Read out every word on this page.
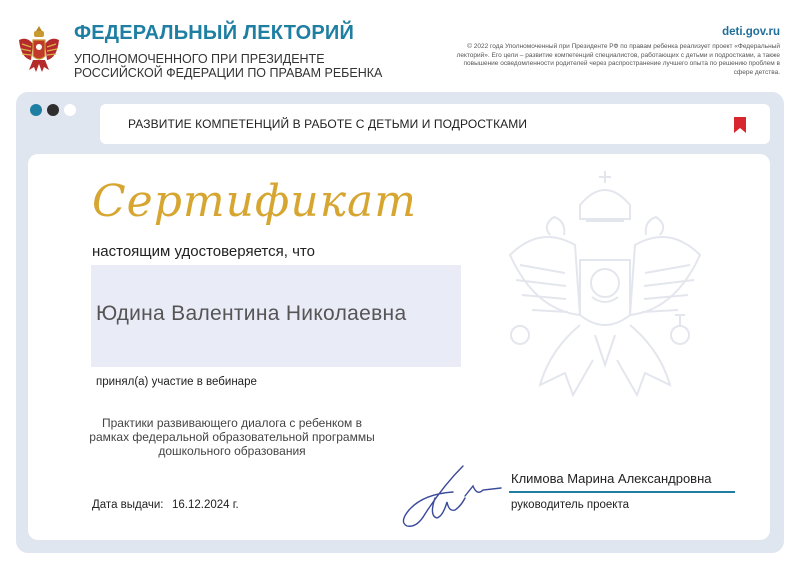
ФЕДЕРАЛЬНЫЙ ЛЕКТОРИЙ
УПОЛНОМОЧЕННОГО ПРИ ПРЕЗИДЕНТЕ
РОССИЙСКОЙ ФЕДЕРАЦИИ ПО ПРАВАМ РЕБЕНКА
deti.gov.ru
© 2022 года Уполномоченный при Президенте РФ по правам ребенка реализует проект «Федеральный лекторий». Его цели – развитие компетенций специалистов, работающих с детьми и подростками, а также повышение осведомленности родителей через распространение лучшего опыта по решению проблем в сфере детства.
РАЗВИТИЕ КОМПЕТЕНЦИЙ В РАБОТЕ С ДЕТЬМИ И ПОДРОСТКАМИ
Сертификат
настоящим удостоверяется, что
Юдина Валентина Николаевна
принял(а) участие в вебинаре
Практики развивающего диалога с ребенком в
рамках федеральной образовательной программы
дошкольного образования
Дата выдачи: 16.12.2024 г.
Климова Марина Александровна
руководитель проекта
